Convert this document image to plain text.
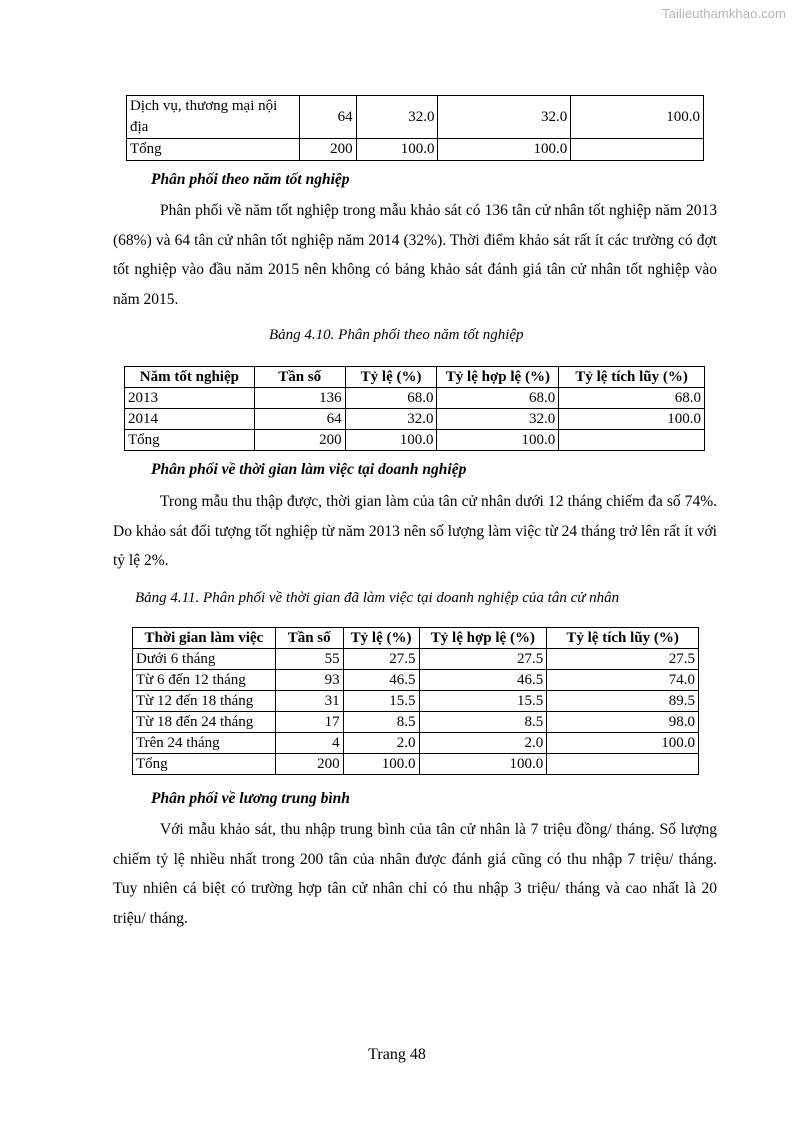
Tailieuthamkhao.com
Dịch vụ, thương mại nội địa	64	32.0	32.0	100.0
Tổng	200	100.0	100.0	
Phân phối theo năm tốt nghiệp
Phân phối về năm tốt nghiệp trong mẫu khảo sát có 136 tân cử nhân tốt nghiệp năm 2013 (68%) và 64 tân cử nhân tốt nghiệp năm 2014 (32%). Thời điểm khảo sát rất ít các trường có đợt tốt nghiệp vào đầu năm 2015 nên không có bảng khảo sát đánh giá tân cử nhân tốt nghiệp vào năm 2015.
Bảng 4.10. Phân phối theo năm tốt nghiệp
Năm tốt nghiệp	Tần số	Tỷ lệ (%)	Tỷ lệ hợp lệ (%)	Tỷ lệ tích lũy (%)
2013	136	68.0	68.0	68.0
2014	64	32.0	32.0	100.0
Tổng	200	100.0	100.0	
Phân phối về thời gian làm việc tại doanh nghiệp
Trong mẫu thu thập được, thời gian làm của tân cử nhân dưới 12 tháng chiếm đa số 74%. Do khảo sát đối tượng tốt nghiệp từ năm 2013 nên số lượng làm việc từ 24 tháng trở lên rất ít với tỷ lệ 2%.
Bảng 4.11. Phân phối về thời gian đã làm việc tại doanh nghiệp của tân cử nhân
Thời gian làm việc	Tần số	Tỷ lệ (%)	Tỷ lệ hợp lệ (%)	Tỷ lệ tích lũy (%)
Dưới 6 tháng	55	27.5	27.5	27.5
Từ 6 đến 12 tháng	93	46.5	46.5	74.0
Từ 12 đến 18 tháng	31	15.5	15.5	89.5
Từ 18 đến 24 tháng	17	8.5	8.5	98.0
Trên 24 tháng	4	2.0	2.0	100.0
Tổng	200	100.0	100.0	
Phân phối về lương trung bình
Với mẫu khảo sát, thu nhập trung bình của tân cử nhân là 7 triệu đồng/ tháng. Số lượng chiếm tỷ lệ nhiều nhất trong 200 tân của nhân được đánh giá cũng có thu nhập 7 triệu/ tháng. Tuy nhiên cá biệt có trường hợp tân cử nhân chỉ có thu nhập 3 triệu/ tháng và cao nhất là 20 triệu/ tháng.
Trang 48
